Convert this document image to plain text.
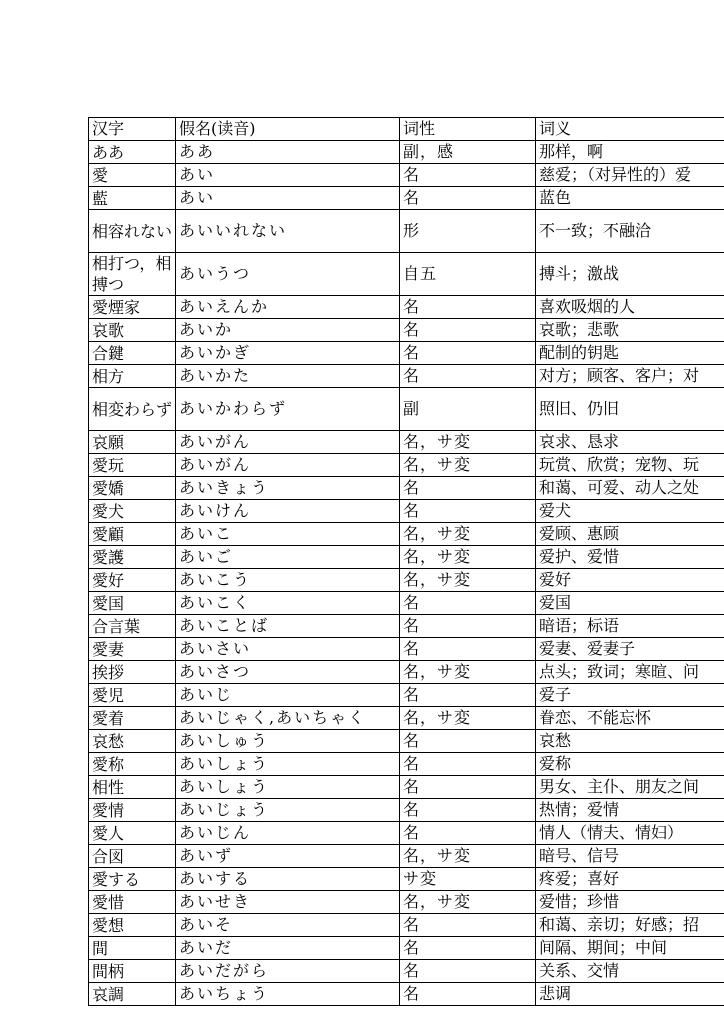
汉字	假名(读音)	词性	词义
ああ	ああ	副，感	那样，啊
愛	あい	名	慈爱；（对异性的）爱
藍	あい	名	蓝色
相容れない	あいいれない	形	不一致；不融洽
相打つ，相搏つ	あいうつ	自五	搏斗；激战
愛煙家	あいえんか	名	喜欢吸烟的人
哀歌	あいか	名	哀歌；悲歌
合鍵	あいかぎ	名	配制的钥匙
相方	あいかた	名	对方；顾客、客户；对
相変わらず	あいかわらず	副	照旧、仍旧
哀願	あいがん	名，サ変	哀求、恳求
愛玩	あいがん	名，サ変	玩赏、欣赏；宠物、玩
愛嬌	あいきょう	名	和蔼、可爱、动人之处
愛犬	あいけん	名	爱犬
愛顧	あいこ	名，サ変	爱顾、惠顾
愛護	あいご	名，サ変	爱护、爱惜
愛好	あいこう	名，サ変	爱好
愛国	あいこく	名	爱国
合言葉	あいことば	名	暗语；标语
愛妻	あいさい	名	爱妻、爱妻子
挨拶	あいさつ	名，サ変	点头；致词；寒暄、问
愛児	あいじ	名	爱子
愛着	あいじゃく,あいちゃく	名，サ変	眷恋、不能忘怀
哀愁	あいしゅう	名	哀愁
愛称	あいしょう	名	爱称
相性	あいしょう	名	男女、主仆、朋友之间
愛情	あいじょう	名	热情；爱情
愛人	あいじん	名	情人（情夫、情妇）
合図	あいず	名，サ変	暗号、信号
愛する	あいする	サ変	疼爱；喜好
愛惜	あいせき	名，サ変	爱惜；珍惜
愛想	あいそ	名	和蔼、亲切；好感；招
間	あいだ	名	间隔、期间；中间
間柄	あいだがら	名	关系、交情
哀調	あいちょう	名	悲调
